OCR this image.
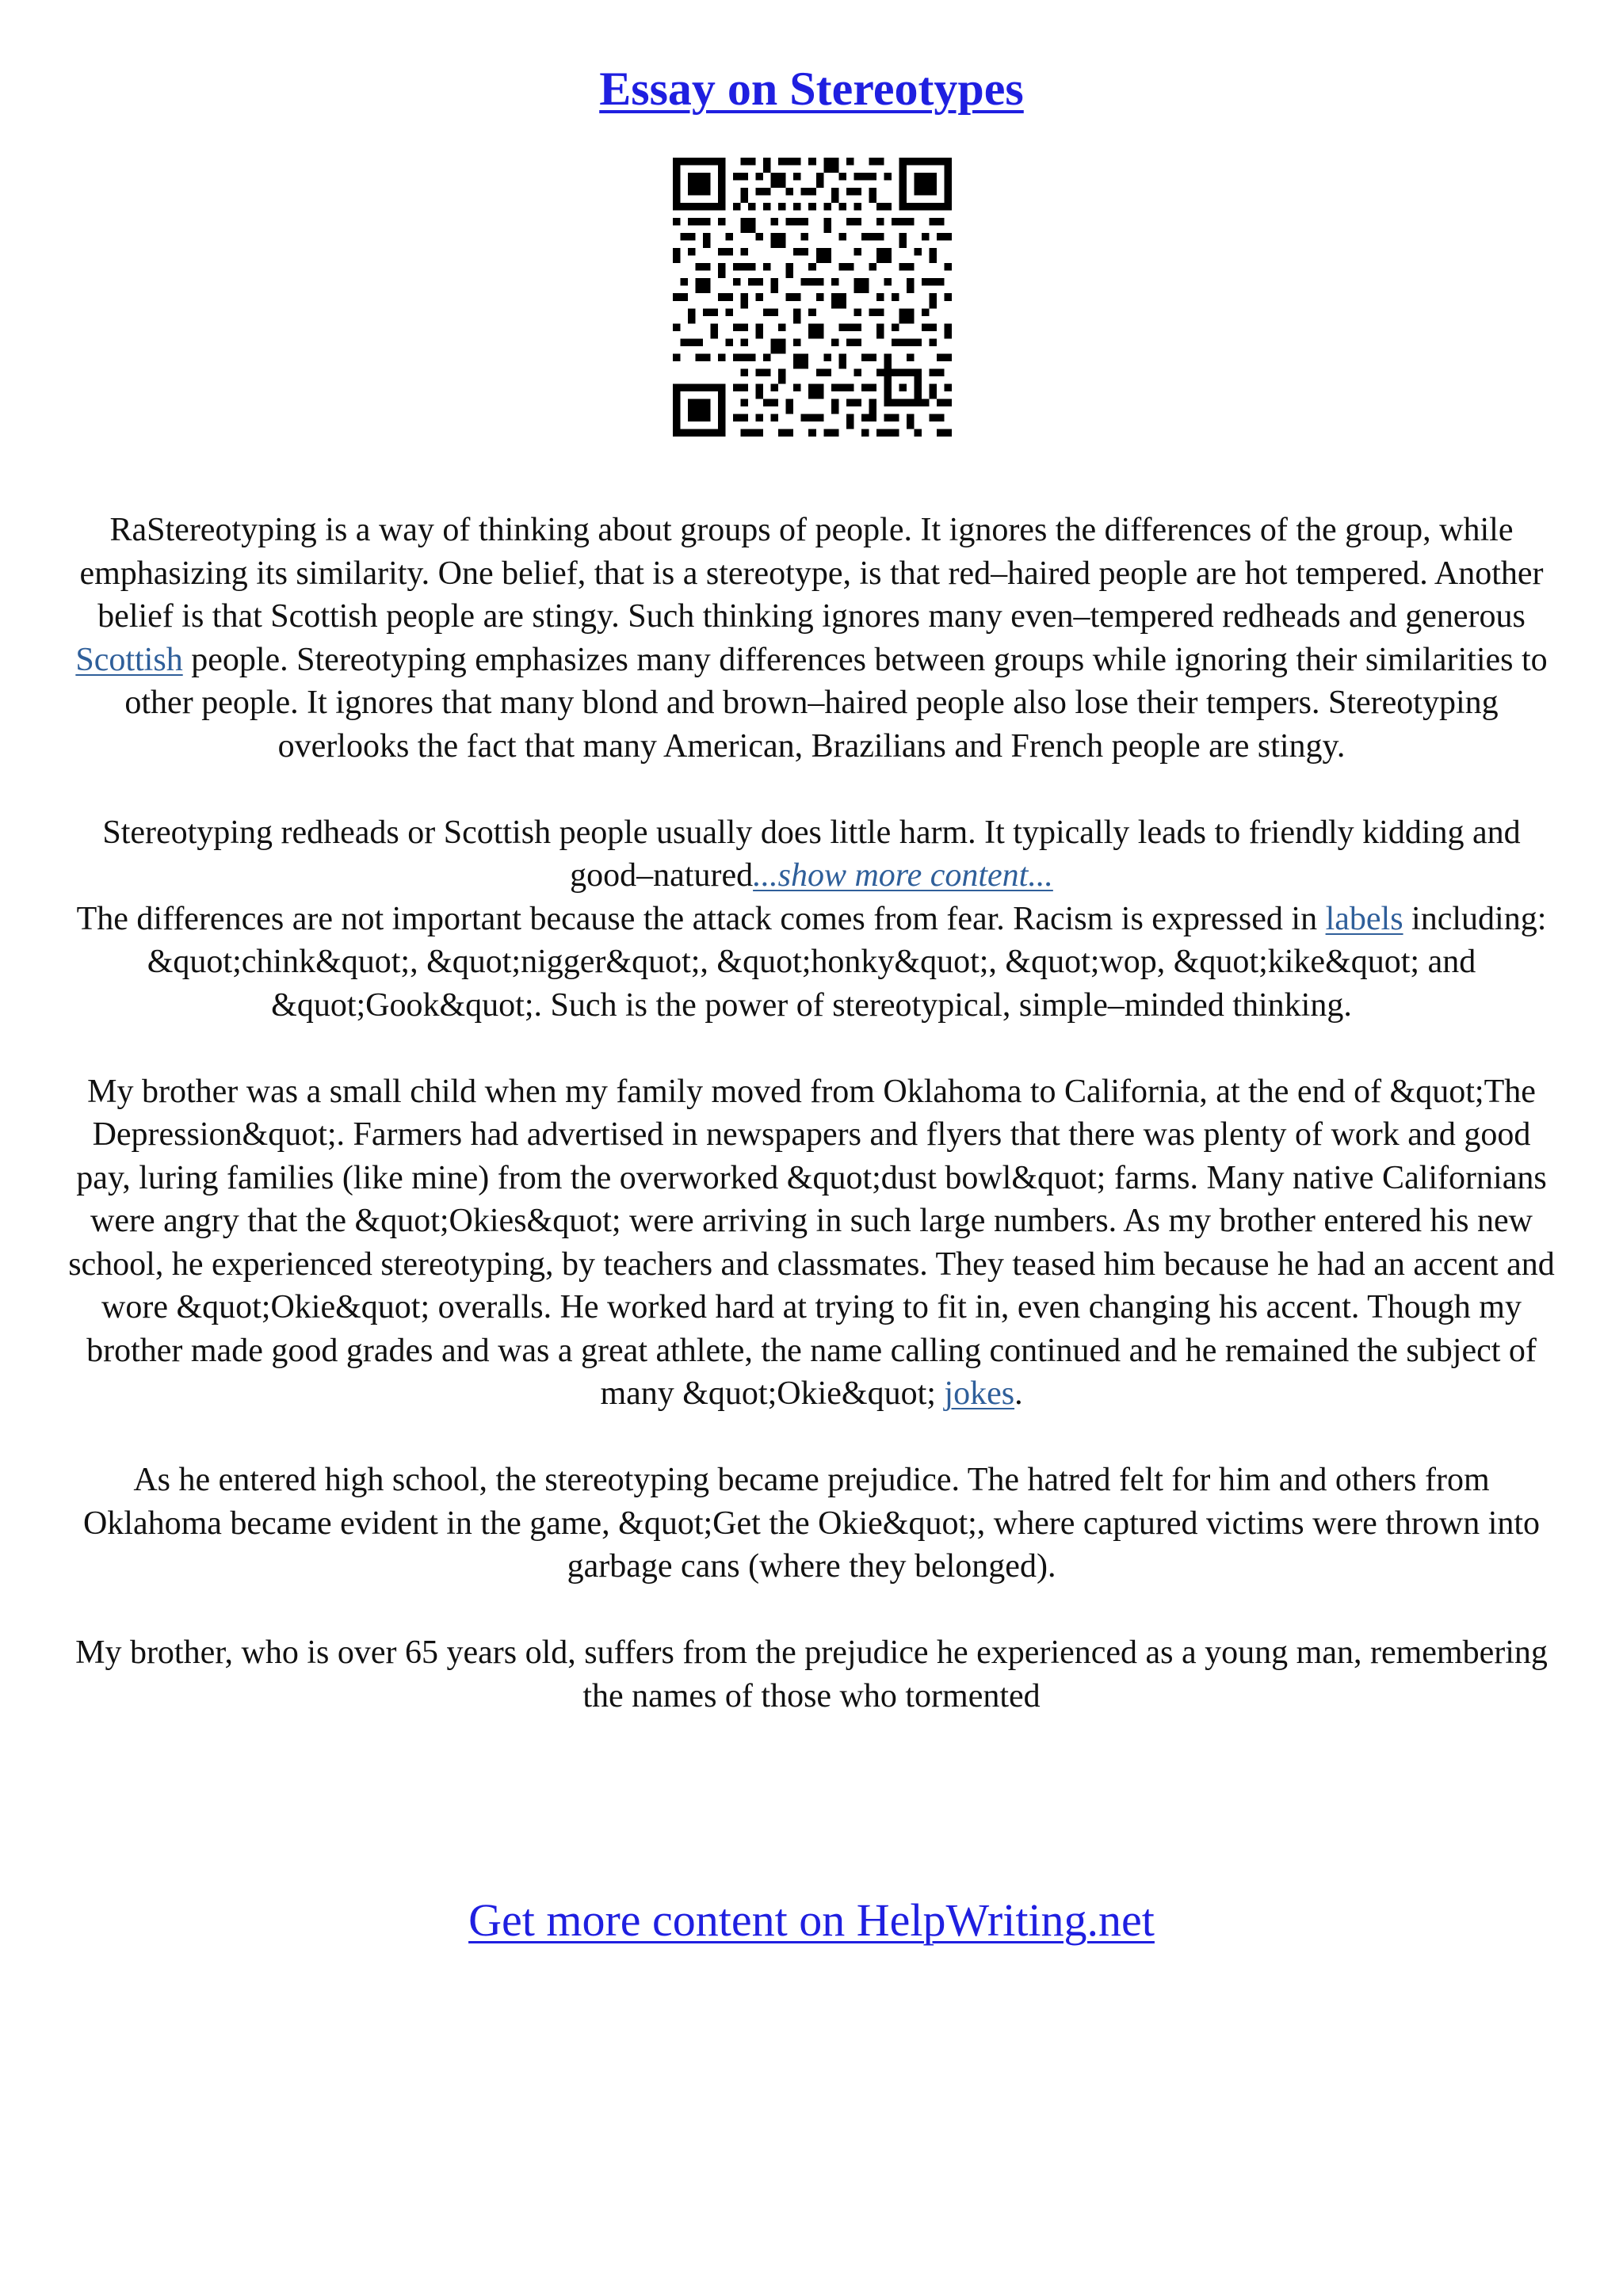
Essay on Stereotypes

RaStereotyping is a way of thinking about groups of people. It ignores the differences of the group, while emphasizing its similarity. One belief, that is a stereotype, is that red–haired people are hot tempered. Another belief is that Scottish people are stingy. Such thinking ignores many even–tempered redheads and generous Scottish people. Stereotyping emphasizes many differences between groups while ignoring their similarities to other people. It ignores that many blond and brown–haired people also lose their tempers. Stereotyping overlooks the fact that many American, Brazilians and French people are stingy.

Stereotyping redheads or Scottish people usually does little harm. It typically leads to friendly kidding and good–natured...show more content...
The differences are not important because the attack comes from fear. Racism is expressed in labels including: &quot;chink&quot;, &quot;nigger&quot;, &quot;honky&quot;, &quot;wop, &quot;kike&quot; and &quot;Gook&quot;. Such is the power of stereotypical, simple–minded thinking.

My brother was a small child when my family moved from Oklahoma to California, at the end of &quot;The Depression&quot;. Farmers had advertised in newspapers and flyers that there was plenty of work and good pay, luring families (like mine) from the overworked &quot;dust bowl&quot; farms. Many native Californians were angry that the &quot;Okies&quot; were arriving in such large numbers. As my brother entered his new school, he experienced stereotyping, by teachers and classmates. They teased him because he had an accent and wore &quot;Okie&quot; overalls. He worked hard at trying to fit in, even changing his accent. Though my brother made good grades and was a great athlete, the name calling continued and he remained the subject of many &quot;Okie&quot; jokes.

As he entered high school, the stereotyping became prejudice. The hatred felt for him and others from Oklahoma became evident in the game, &quot;Get the Okie&quot;, where captured victims were thrown into garbage cans (where they belonged).

My brother, who is over 65 years old, suffers from the prejudice he experienced as a young man, remembering the names of those who tormented

Get more content on HelpWriting.net
